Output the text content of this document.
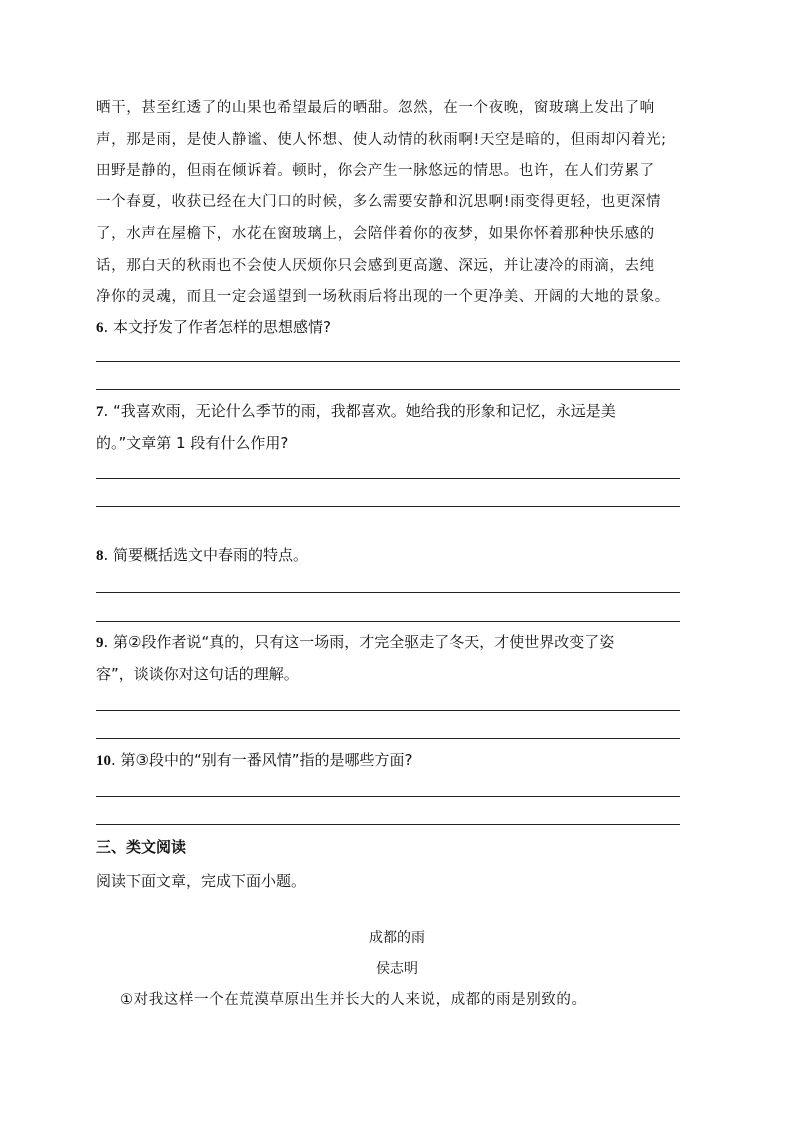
晒干，甚至红透了的山果也希望最后的晒甜。忽然，在一个夜晚，窗玻璃上发出了响
声，那是雨，是使人静谧、使人怀想、使人动情的秋雨啊!天空是暗的，但雨却闪着光;
田野是静的，但雨在倾诉着。顿时，你会产生一脉悠远的情思。也许，在人们劳累了
一个春夏，收获已经在大门口的时候，多么需要安静和沉思啊!雨变得更轻，也更深情
了，水声在屋檐下，水花在窗玻璃上，会陪伴着你的夜梦，如果你怀着那种快乐感的
话，那白天的秋雨也不会使人厌烦你只会感到更高邈、深远，并让凄冷的雨滴，去纯
净你的灵魂，而且一定会遥望到一场秋雨后将出现的一个更净美、开阔的大地的景象。
6. 本文抒发了作者怎样的思想感情?
7. “我喜欢雨，无论什么季节的雨，我都喜欢。她给我的形象和记忆，永远是美
的。”文章第 1 段有什么作用?
8. 简要概括选文中春雨的特点。
9. 第②段作者说“真的，只有这一场雨，才完全驱走了冬天，才使世界改变了姿
容”，谈谈你对这句话的理解。
10. 第③段中的“别有一番风情”指的是哪些方面?
三、类文阅读
阅读下面文章，完成下面小题。
成都的雨
侯志明
①对我这样一个在荒漠草原出生并长大的人来说，成都的雨是别致的。
